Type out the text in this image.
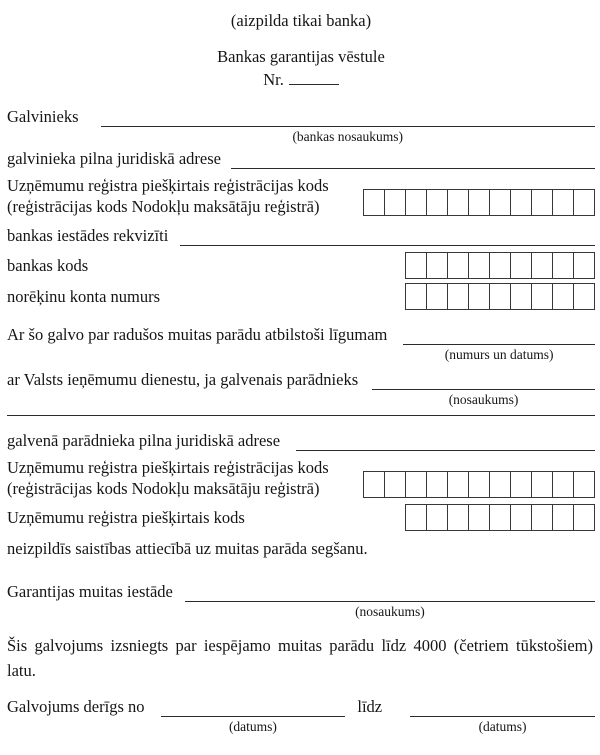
(aizpilda tikai banka)
Bankas garantijas vēstule
Nr.
Galvinieks
(bankas nosaukums)
galvinieka pilna juridiskā adrese
Uzņēmumu reģistra piešķirtais reģistrācijas kods
(reģistrācijas kods Nodokļu maksātāju reģistrā)
bankas iestādes rekvizīti
bankas kods
norēķinu konta numurs
Ar šo galvo par radušos muitas parādu atbilstoši līgumam
(numurs un datums)
ar Valsts ieņēmumu dienestu, ja galvenais parādnieks
(nosaukums)
galvenā parādnieka pilna juridiskā adrese
Uzņēmumu reģistra piešķirtais reģistrācijas kods
(reģistrācijas kods Nodokļu maksātāju reģistrā)
Uzņēmumu reģistra piešķirtais kods
neizpildīs saistības attiecībā uz muitas parāda segšanu.
Garantijas muitas iestāde
(nosaukums)
Šis galvojums izsniegts par iespējamo muitas parādu līdz 4000 (četriem tūkstošiem) latu.
Galvojums derīgs no
(datums)
līdz
(datums)
